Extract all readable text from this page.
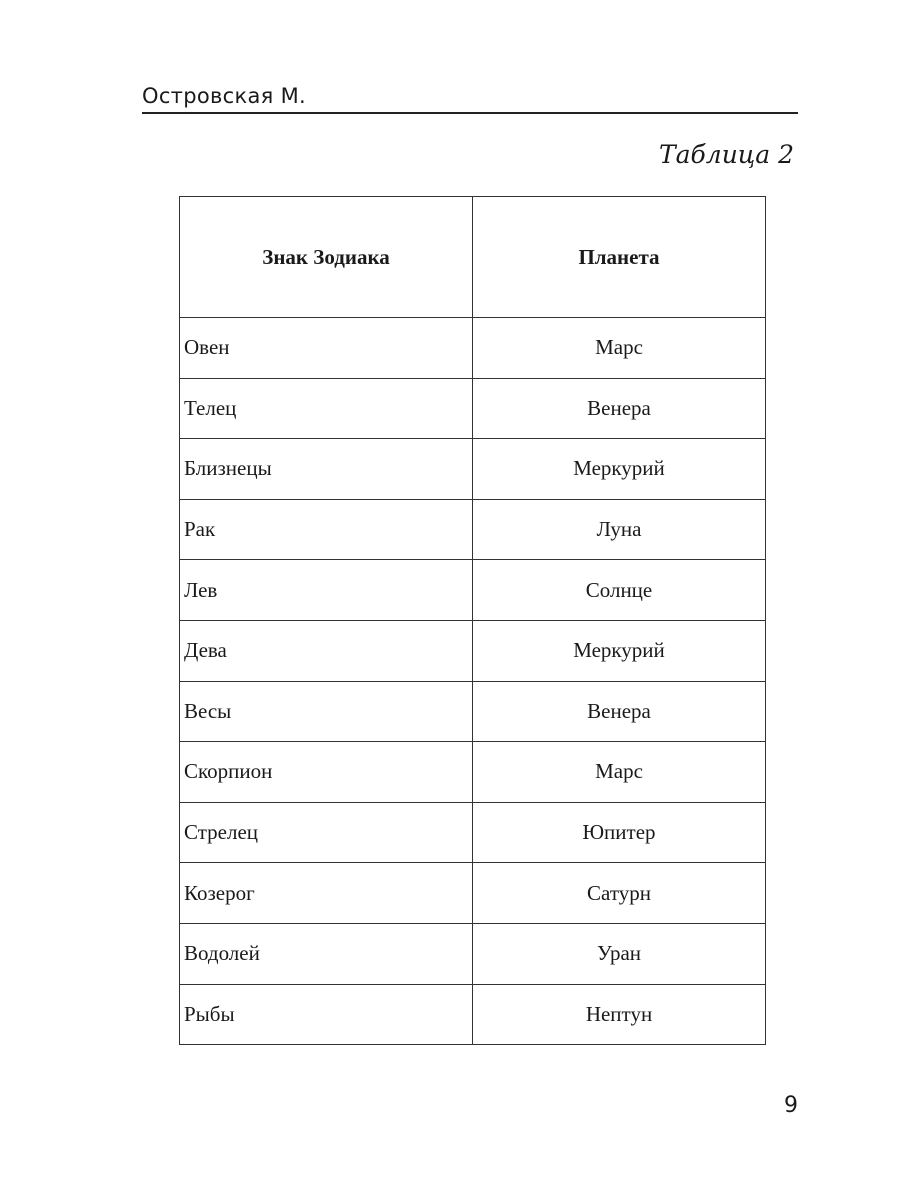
Островская М.
Таблица 2
Знак Зодиака	Планета
Овен	Марс
Телец	Венера
Близнецы	Меркурий
Рак	Луна
Лев	Солнце
Дева	Меркурий
Весы	Венера
Скорпион	Марс
Стрелец	Юпитер
Козерог	Сатурн
Водолей	Уран
Рыбы	Нептун
9
